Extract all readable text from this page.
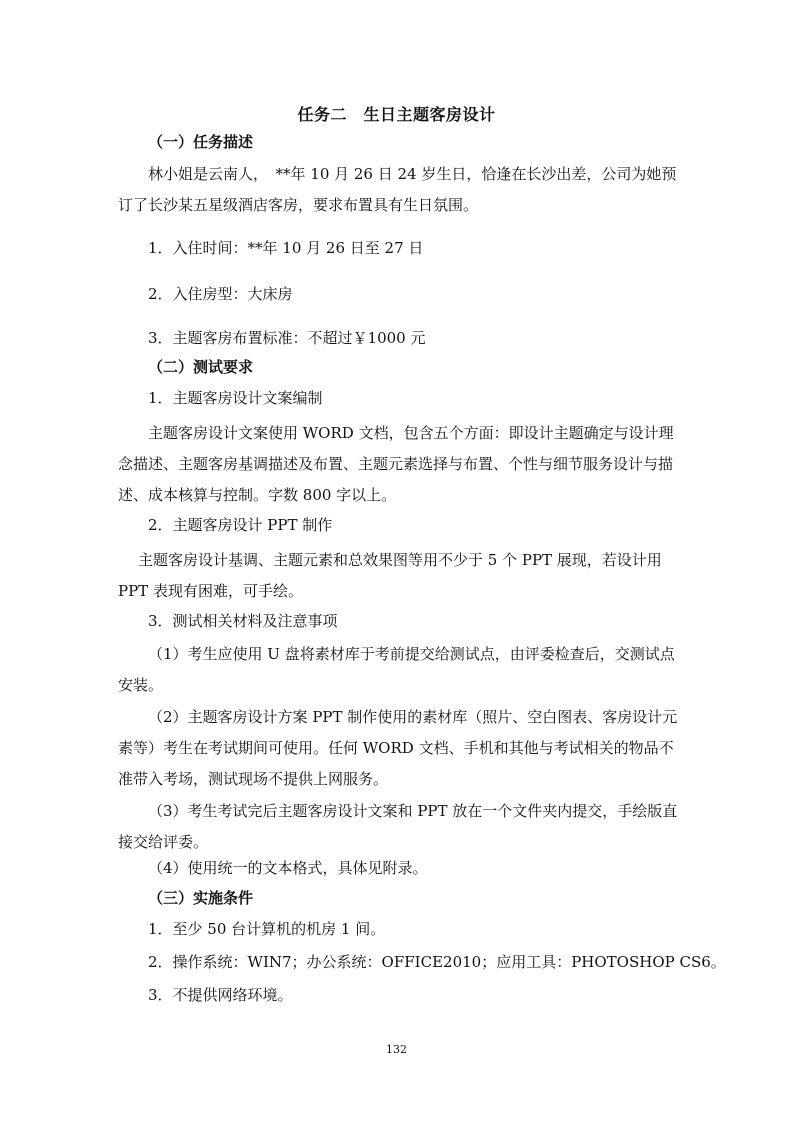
任务二　生日主题客房设计
（一）任务描述
林小姐是云南人，　**年 10 月 26 日 24 岁生日，恰逢在长沙出差，公司为她预订了长沙某五星级酒店客房，要求布置具有生日氛围。
1．入住时间：**年 10 月 26 日至 27 日
2．入住房型：大床房
3．主题客房布置标准：不超过￥1000 元
（二）测试要求
1．主题客房设计文案编制
主题客房设计文案使用 WORD 文档，包含五个方面：即设计主题确定与设计理念描述、主题客房基调描述及布置、主题元素选择与布置、个性与细节服务设计与描述、成本核算与控制。字数 800 字以上。
2．主题客房设计 PPT 制作
主题客房设计基调、主题元素和总效果图等用不少于 5 个 PPT 展现，若设计用 PPT 表现有困难，可手绘。
3．测试相关材料及注意事项
（1）考生应使用 U 盘将素材库于考前提交给测试点，由评委检查后，交测试点安装。
（2）主题客房设计方案 PPT 制作使用的素材库（照片、空白图表、客房设计元素等）考生在考试期间可使用。任何 WORD 文档、手机和其他与考试相关的物品不准带入考场，测试现场不提供上网服务。
（3）考生考试完后主题客房设计文案和 PPT 放在一个文件夹内提交，手绘版直接交给评委。
（4）使用统一的文本格式，具体见附录。
（三）实施条件
1．至少 50 台计算机的机房 1 间。
2．操作系统：WIN7；办公系统：OFFICE2010；应用工具：PHOTOSHOP CS6。
3．不提供网络环境。
132
